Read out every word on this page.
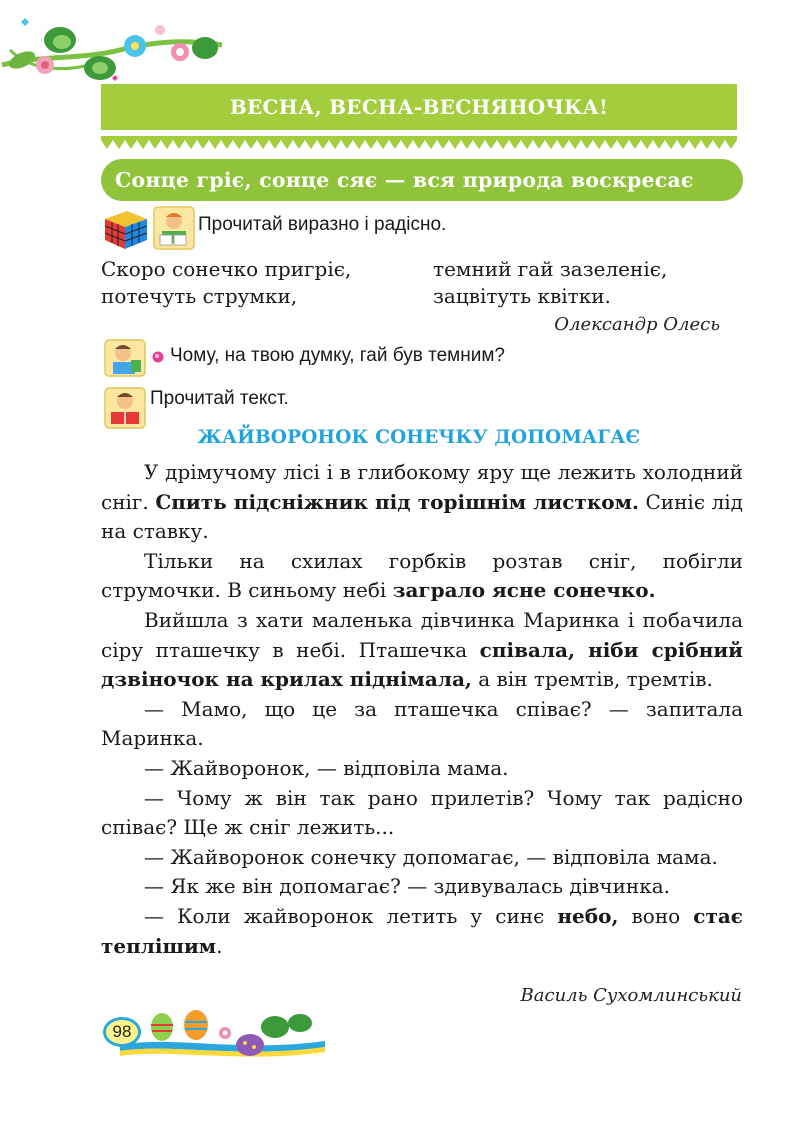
ВЕСНА, ВЕСНА-ВЕСНЯНОЧКА!
Сонце гріє, сонце сяє — вся природа воскресає
Прочитай виразно і радісно.
Скоро сонечко пригріє,
потечуть струмки,
темний гай зазеленіє,
зацвітуть квітки.
Олександр Олесь
Чому, на твою думку, гай був темним?
Прочитай текст.
ЖАЙВОРОНОК СОНЕЧКУ ДОПОМАГАЄ

У дрімучому лісі і в глибокому яру ще лежить холодний сніг. Спить підсніжник під торішнім листком. Синіє лід на ставку.

Тільки на схилах горбків розтав сніг, побігли струмочки. В синьому небі заграло ясне сонечко.

Вийшла з хати маленька дівчинка Маринка і побачила сіру пташечку в небі. Пташечка співала, ніби срібний дзвіночок на крилах піднімала, а він тремтів, тремтів.

— Мамо, що це за пташечка співає? — запитала Маринка.

— Жайворонок, — відповіла мама.

— Чому ж він так рано прилетів? Чому так радісно співає? Ще ж сніг лежить...

— Жайворонок сонечку допомагає, — відповіла мама.

— Як же він допомагає? — здивувалась дівчинка.

— Коли жайворонок летить у синє небо, воно стає теплішим.

Василь Сухомлинський
98
